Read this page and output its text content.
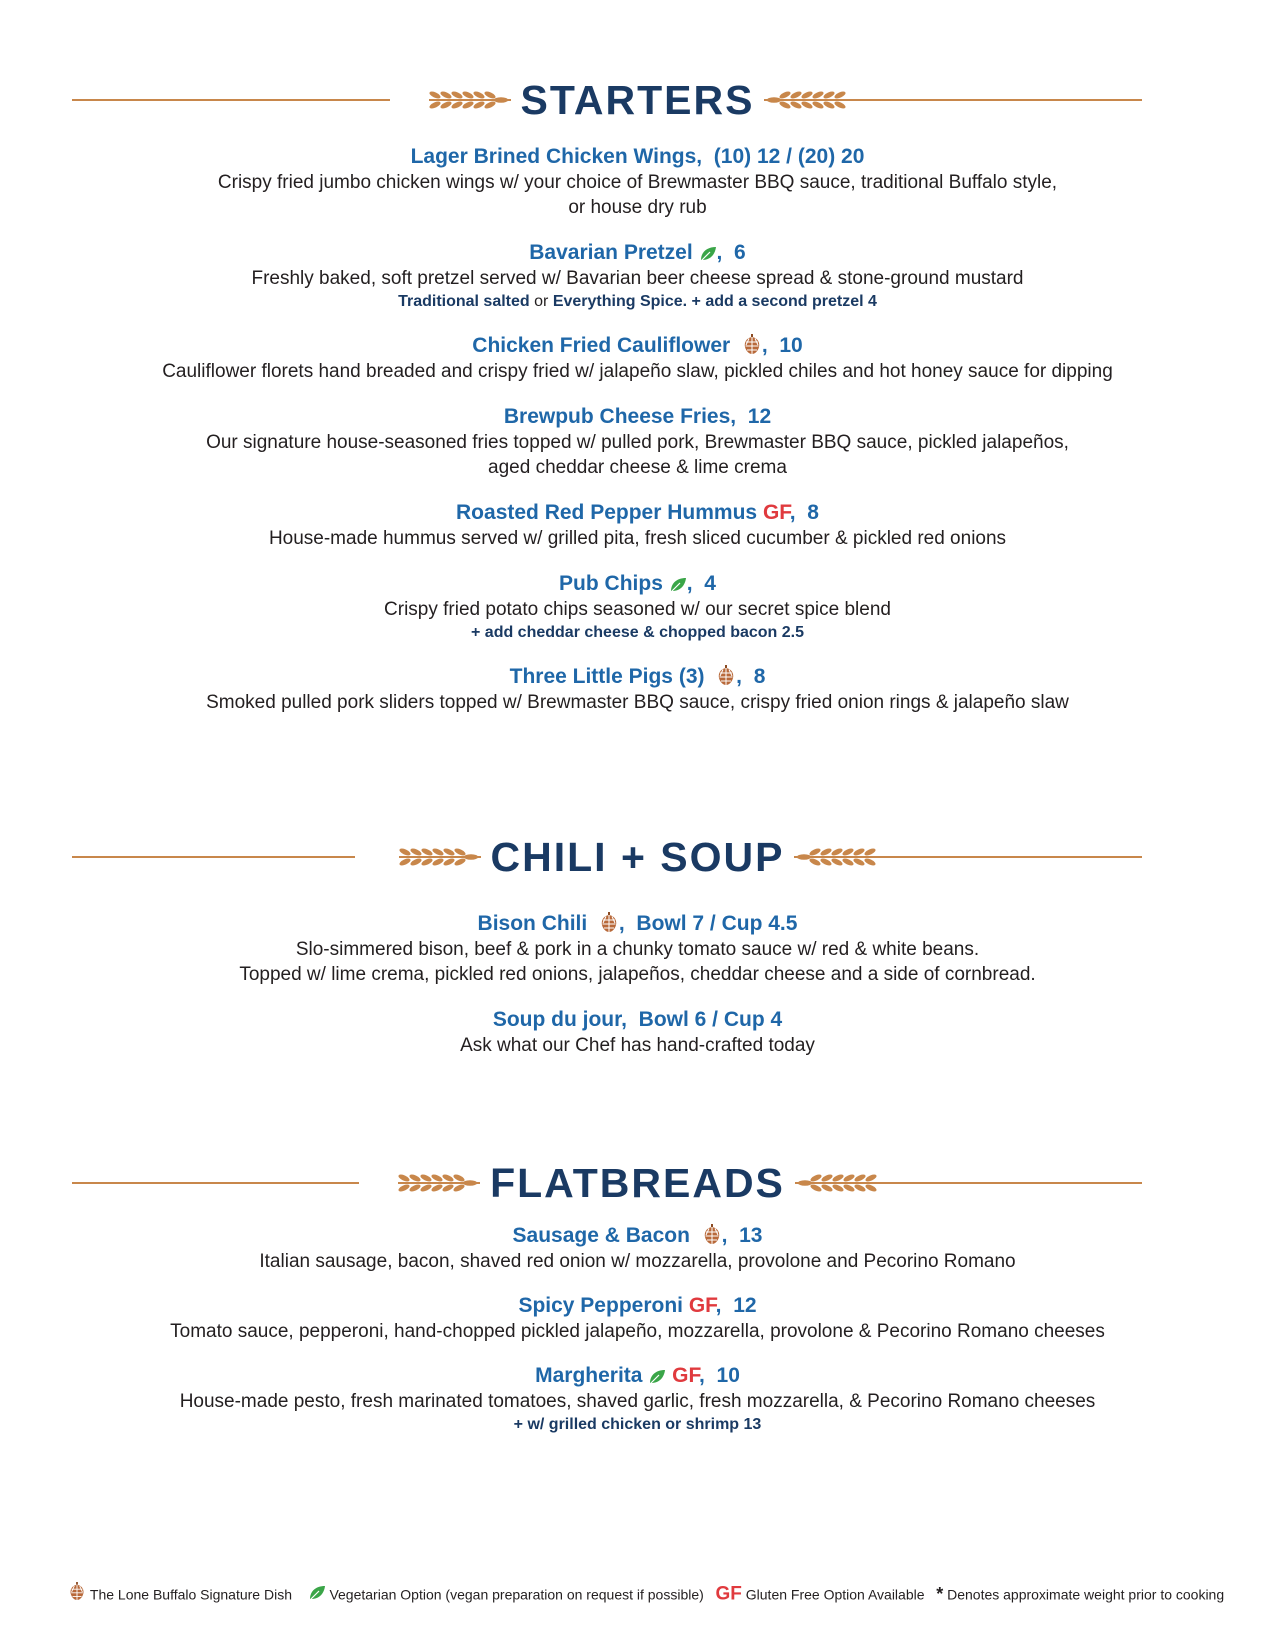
STARTERS
Lager Brined Chicken Wings, (10) 12 / (20) 20
Crispy fried jumbo chicken wings w/ your choice of Brewmaster BBQ sauce, traditional Buffalo style,
or house dry rub
Bavarian Pretzel ,  6
Freshly baked, soft pretzel served w/ Bavarian beer cheese spread & stone-ground mustard
Traditional salted or Everything Spice. + add a second pretzel 4
Chicken Fried Cauliflower ,  10
Cauliflower florets hand breaded and crispy fried w/ jalapeño slaw, pickled chiles and hot honey sauce for dipping
Brewpub Cheese Fries, 12
Our signature house-seasoned fries topped w/ pulled pork, Brewmaster BBQ sauce, pickled jalapeños,
aged cheddar cheese & lime crema
Roasted Red Pepper Hummus GF,  8
House-made hummus served w/ grilled pita, fresh sliced cucumber & pickled red onions
Pub Chips ,  4
Crispy fried potato chips seasoned w/ our secret spice blend
+ add cheddar cheese & chopped bacon 2.5
Three Little Pigs (3) ,  8
Smoked pulled pork sliders topped w/ Brewmaster BBQ sauce, crispy fried onion rings & jalapeño slaw
CHILI + SOUP
Bison Chili ,  Bowl 7 / Cup 4.5
Slo-simmered bison, beef & pork in a chunky tomato sauce w/ red & white beans.
Topped w/ lime crema, pickled red onions, jalapeños, cheddar cheese and a side of cornbread.
Soup du jour, Bowl 6 / Cup 4
Ask what our Chef has hand-crafted today
FLATBREADS
Sausage & Bacon ,  13
Italian sausage, bacon, shaved red onion w/ mozzarella, provolone and Pecorino Romano
Spicy Pepperoni GF,  12
Tomato sauce, pepperoni, hand-chopped pickled jalapeño, mozzarella, provolone & Pecorino Romano cheeses
Margherita GF,  10
House-made pesto, fresh marinated tomatoes, shaved garlic, fresh mozzarella, & Pecorino Romano cheeses
+ w/ grilled chicken or shrimp 13
The Lone Buffalo Signature Dish	Vegetarian Option (vegan preparation on request if possible) GF Gluten Free Option Available * Denotes approximate weight prior to cooking
